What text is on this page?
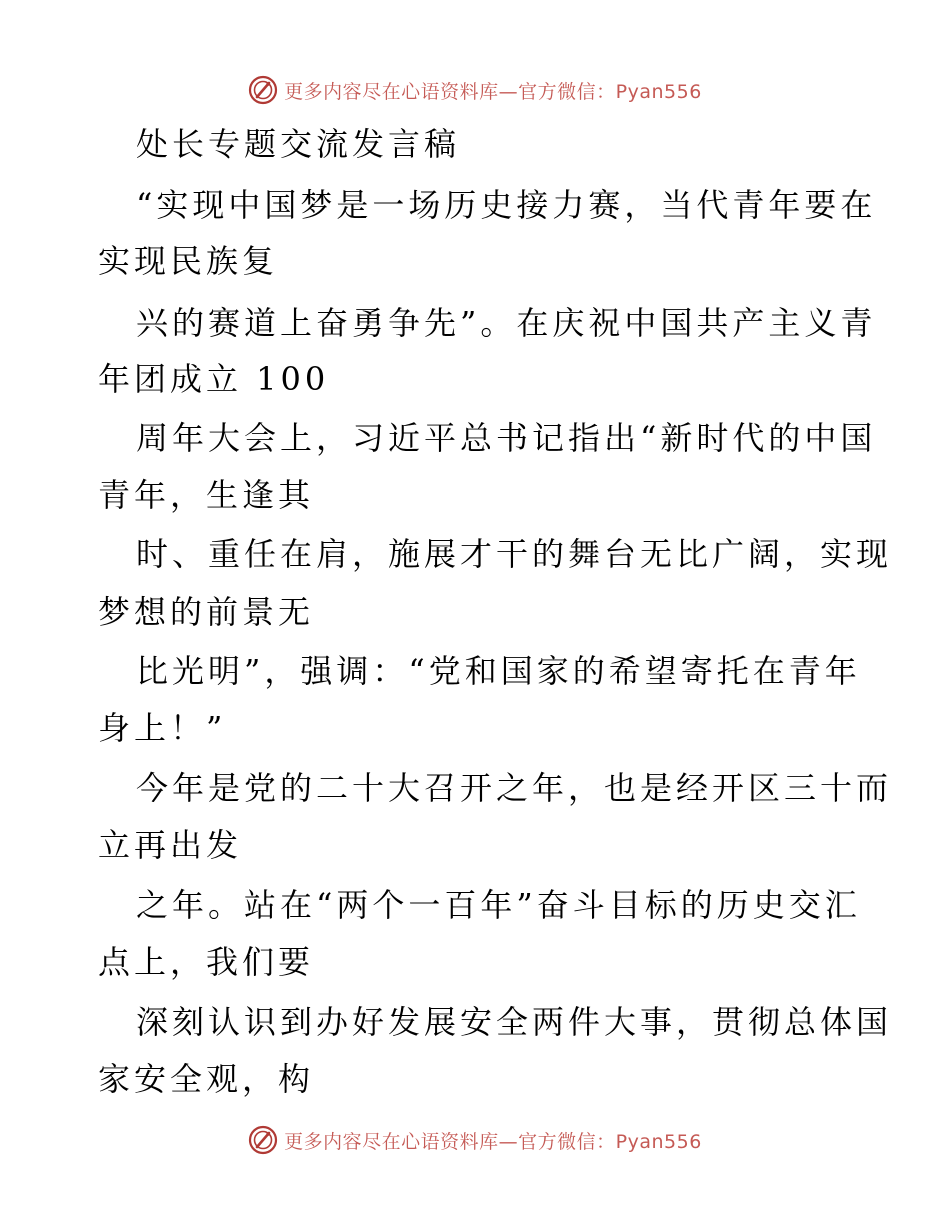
更多内容尽在心语资料库—官方微信：Pyan556
处长专题交流发言稿
“实现中国梦是一场历史接力赛，当代青年要在
实现民族复
兴的赛道上奋勇争先”。在庆祝中国共产主义青
年团成立 100
周年大会上，习近平总书记指出“新时代的中国
青年，生逢其
时、重任在肩，施展才干的舞台无比广阔，实现
梦想的前景无
比光明”，强调：“党和国家的希望寄托在青年
身上！”
今年是党的二十大召开之年，也是经开区三十而
立再出发
之年。站在“两个一百年”奋斗目标的历史交汇
点上，我们要
深刻认识到办好发展安全两件大事，贯彻总体国
家安全观，构
更多内容尽在心语资料库—官方微信：Pyan556
